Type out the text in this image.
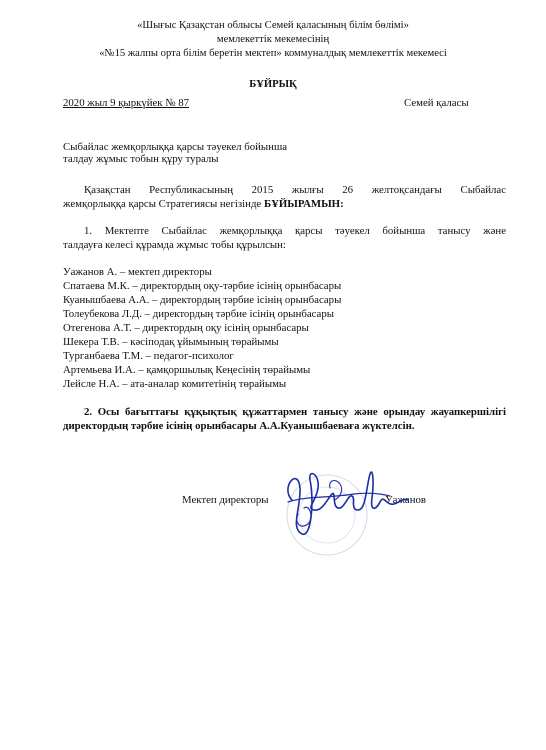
«Шығыс Қазақстан облысы Семей қаласының білім бөлімі»
мемлекеттік мекемесінің
«№15 жалпы орта білім беретін мектеп» коммуналдық мемлекеттік мекемесі
БҰЙРЫҚ
2020 жыл 9 қыркүйек № 87	Семей қаласы
Сыбайлас жемқорлыққа қарсы тәуекел бойынша
талдау жұмыс тобын құру туралы
Қазақстан Республикасының 2015 жылғы 26 желтоқсандағы Сыбайлас
жемқорлыққа қарсы Стратегиясы негізінде БҰЙЫРАМЫН:
1. Мектепте Сыбайлас жемқорлыққа қарсы тәуекел бойынша танысу және
талдауға келесі құрамда жұмыс тобы құрылсын:
Уажанов А. – мектеп директоры
Спатаева М.К. – директордың оқу-тәрбие ісінің орынбасары
Куанышбаева А.А. – директордың тәрбие ісінің орынбасары
Толеубекова Л.Д. – директордың тәрбие ісінің орынбасары
Отегенова А.Т. – директордың оқу ісінің орынбасары
Шекера Т.В. – кәсіподақ ұйымының төрайымы
Турганбаева Т.М. – педагог-психолог
Артемьева И.А. – қамқоршылық Кеңесінің төрайымы
Лейсле Н.А. – ата-аналар комитетінің төрайымы
2. Осы бағыттағы құқықтық құжаттармен танысу және орындау жауапкершілігі
директордың тәрбие ісінің орынбасары А.А.Куанышбаеваға жүктелсін.
Мектеп директоры	Уажанов
